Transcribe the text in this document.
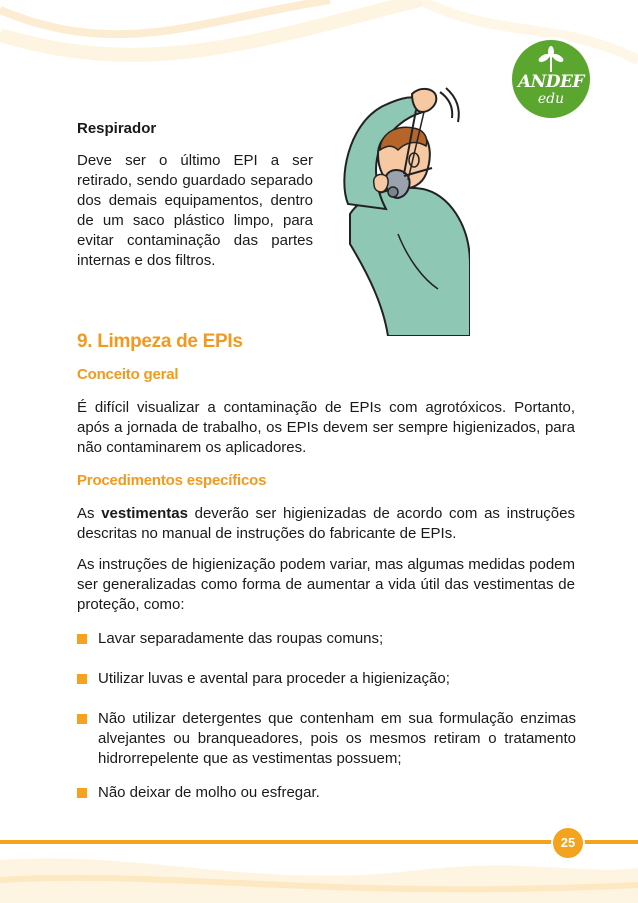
ANDEF
edu
Respirador
Deve ser o último EPI a ser retirado, sendo guardado separado dos demais equipamentos, dentro de um saco plástico limpo, para evitar contaminação das partes internas e dos filtros.
9. Limpeza de EPIs
Conceito geral
É difícil visualizar a contaminação de EPIs com agrotóxicos. Portanto, após a jornada de trabalho, os EPIs devem ser sempre higienizados, para não contaminarem os aplicadores.
Procedimentos específicos
As vestimentas deverão ser higienizadas de acordo com as instruções descritas no manual de instruções do fabricante de EPIs.
As instruções de higienização podem variar, mas algumas medidas podem ser generalizadas como forma de aumentar a vida útil das vestimentas de proteção, como:
Lavar separadamente das roupas comuns;
Utilizar luvas e avental para proceder a higienização;
Não utilizar detergentes que contenham em sua formulação enzimas alvejantes ou branqueadores, pois os mesmos retiram o tratamento hidrorrepelente que as vestimentas possuem;
Não deixar de molho ou esfregar.
25
